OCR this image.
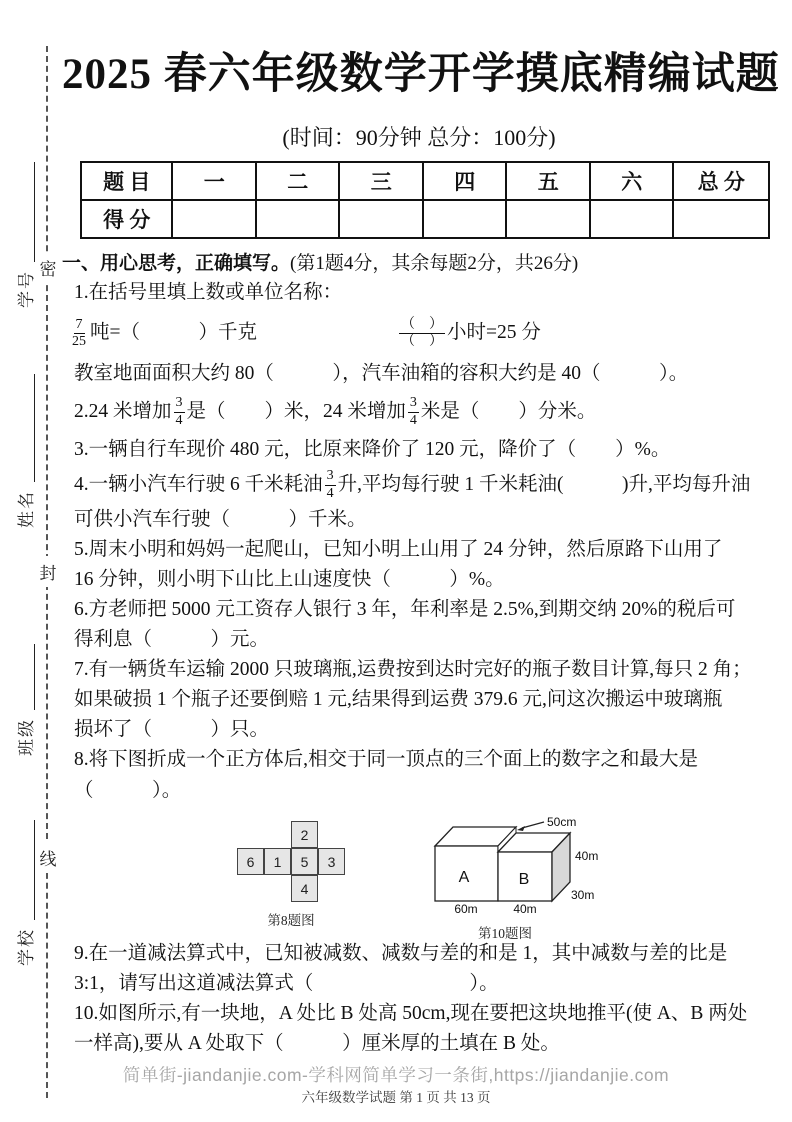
密
封
线
学号
姓名
班级
学校
2025 春六年级数学开学摸底精编试题
(时间：90分钟 总分：100分)
题 目	一	二	三	四	五	六	总 分
得 分							
一、用心思考，正确填写。(第1题4分，其余每题2分，共26分)
1.在括号里填上数或单位名称：
$\frac{7}{25}$ 吨=（　　　）千克	$\frac{( )}{( )}$ 小时=25 分
教室地面面积大约 80（　　　），汽车油箱的容积大约是 40（　　　）。
2.24 米增加 $\frac{3}{4}$ 是（　　）米，24 米增加 $\frac{3}{4}$ 米是（　　）分米。
3.一辆自行车现价 480 元，比原来降价了 120 元，降价了（　　）%。
4.一辆小汽车行驶 6 千米耗油 $\frac{3}{4}$ 升,平均每行驶 1 千米耗油(　　　)升,平均每升油
可供小汽车行驶（　　　）千米。
5.周末小明和妈妈一起爬山，已知小明上山用了 24 分钟，然后原路下山用了
16 分钟，则小明下山比上山速度快（　　　）%。
6.方老师把 5000 元工资存人银行 3 年，年利率是 2.5%,到期交纳 20%的税后可
得利息（　　　）元。
7.有一辆货车运输 2000 只玻璃瓶,运费按到达时完好的瓶子数目计算,每只 2 角；
如果破损 1 个瓶子还要倒赔 1 元,结果得到运费 379.6 元,问这次搬运中玻璃瓶
损坏了（　　　）只。
8.将下图折成一个正方体后,相交于同一顶点的三个面上的数字之和最大是
（　　　）。
2
6	1	5	3
4
第8题图
A	B
50cm
40m
30m
60m	40m
第10题图
9.在一道减法算式中，已知被减数、减数与差的和是 1，其中减数与差的比是
3:1，请写出这道减法算式（　　　　　　　　）。
10.如图所示,有一块地，A 处比 B 处高 50cm,现在要把这块地推平(使 A、B 两处
一样高),要从 A 处取下（　　　）厘米厚的土填在 B 处。
简单街-jiandanjie.com-学科网简单学习一条街,https://jiandanjie.com
六年级数学试题 第 1 页 共 13 页
